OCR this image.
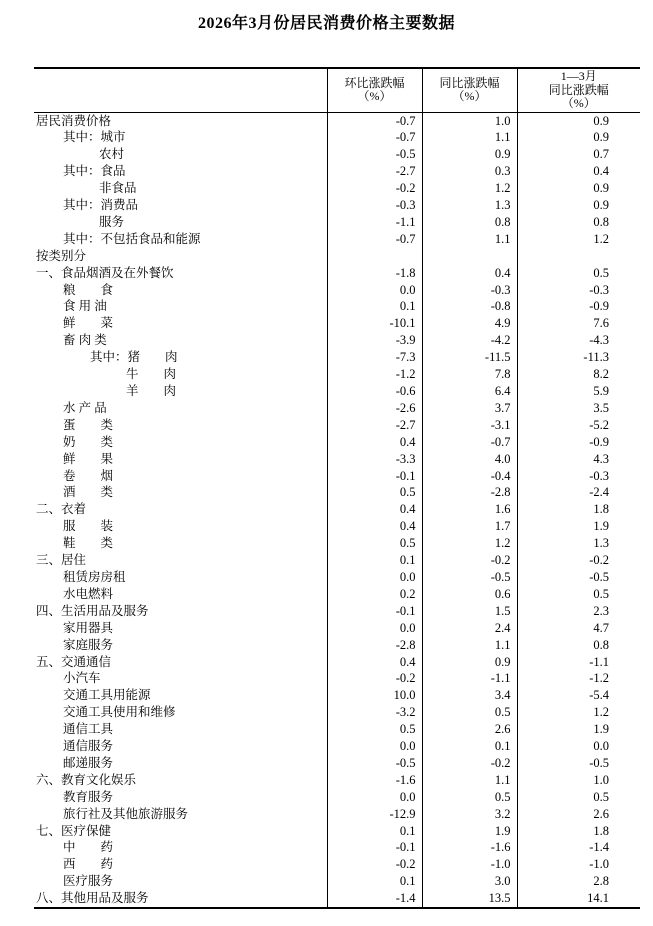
2026年3月份居民消费价格主要数据

环比涨跌幅
（%）

同比涨跌幅
（%）

1—3月
同比涨跌幅
（%）

居民消费价格	-0.7	1.0	0.9
其中：城市	-0.7	1.1	0.9
农村	-0.5	0.9	0.7
其中：食品	-2.7	0.3	0.4
非食品	-0.2	1.2	0.9
其中：消费品	-0.3	1.3	0.9
服务	-1.1	0.8	0.8
其中：不包括食品和能源	-0.7	1.1	1.2
按类别分			
一、食品烟酒及在外餐饮	-1.8	0.4	0.5
粮　　食	0.0	-0.3	-0.3
食 用 油	0.1	-0.8	-0.9
鲜　　菜	-10.1	4.9	7.6
畜 肉 类	-3.9	-4.2	-4.3
其中：猪　　肉	-7.3	-11.5	-11.3
牛　　肉	-1.2	7.8	8.2
羊　　肉	-0.6	6.4	5.9
水 产 品	-2.6	3.7	3.5
蛋　　类	-2.7	-3.1	-5.2
奶　　类	0.4	-0.7	-0.9
鲜　　果	-3.3	4.0	4.3
卷　　烟	-0.1	-0.4	-0.3
酒　　类	0.5	-2.8	-2.4
二、衣着	0.4	1.6	1.8
服　　装	0.4	1.7	1.9
鞋　　类	0.5	1.2	1.3
三、居住	0.1	-0.2	-0.2
租赁房房租	0.0	-0.5	-0.5
水电燃料	0.2	0.6	0.5
四、生活用品及服务	-0.1	1.5	2.3
家用器具	0.0	2.4	4.7
家庭服务	-2.8	1.1	0.8
五、交通通信	0.4	0.9	-1.1
小汽车	-0.2	-1.1	-1.2
交通工具用能源	10.0	3.4	-5.4
交通工具使用和维修	-3.2	0.5	1.2
通信工具	0.5	2.6	1.9
通信服务	0.0	0.1	0.0
邮递服务	-0.5	-0.2	-0.5
六、教育文化娱乐	-1.6	1.1	1.0
教育服务	0.0	0.5	0.5
旅行社及其他旅游服务	-12.9	3.2	2.6
七、医疗保健	0.1	1.9	1.8
中　　药	-0.1	-1.6	-1.4
西　　药	-0.2	-1.0	-1.0
医疗服务	0.1	3.0	2.8
八、其他用品及服务	-1.4	13.5	14.1
